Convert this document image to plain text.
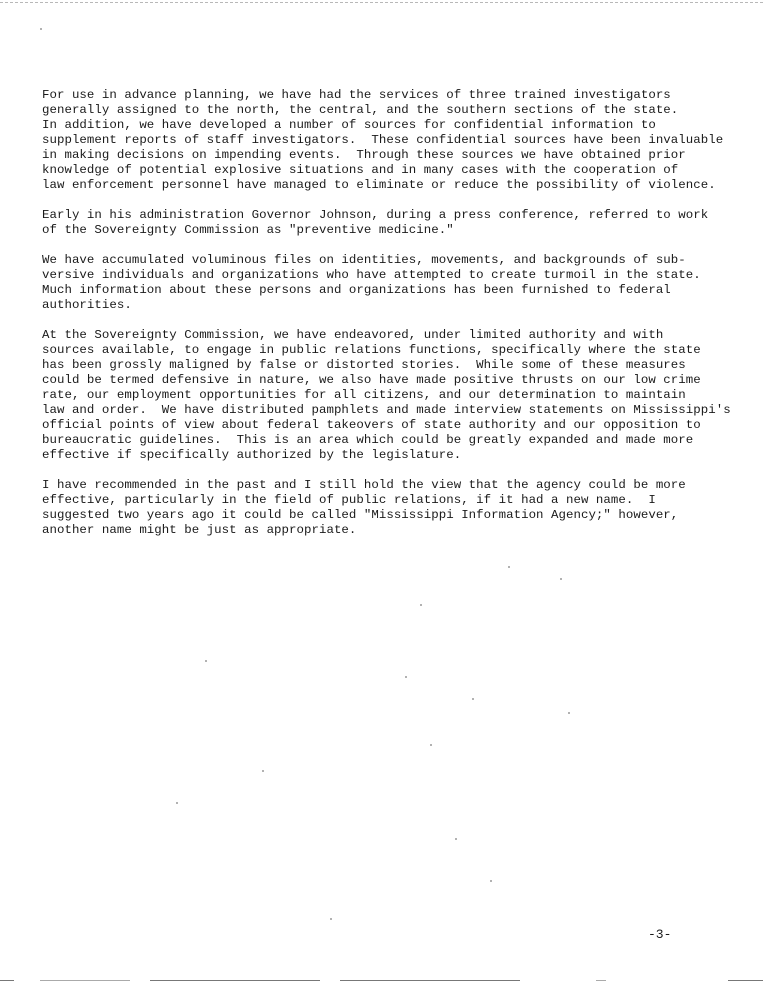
For use in advance planning, we have had the services of three trained investigators
generally assigned to the north, the central, and the southern sections of the state.
In addition, we have developed a number of sources for confidential information to
supplement reports of staff investigators.  These confidential sources have been invaluable
in making decisions on impending events.  Through these sources we have obtained prior
knowledge of potential explosive situations and in many cases with the cooperation of
law enforcement personnel have managed to eliminate or reduce the possibility of violence.
Early in his administration Governor Johnson, during a press conference, referred to work
of the Sovereignty Commission as "preventive medicine."
We have accumulated voluminous files on identities, movements, and backgrounds of sub-
versive individuals and organizations who have attempted to create turmoil in the state.
Much information about these persons and organizations has been furnished to federal
authorities.
At the Sovereignty Commission, we have endeavored, under limited authority and with
sources available, to engage in public relations functions, specifically where the state
has been grossly maligned by false or distorted stories.  While some of these measures
could be termed defensive in nature, we also have made positive thrusts on our low crime
rate, our employment opportunities for all citizens, and our determination to maintain
law and order.  We have distributed pamphlets and made interview statements on Mississippi's
official points of view about federal takeovers of state authority and our opposition to
bureaucratic guidelines.  This is an area which could be greatly expanded and made more
effective if specifically authorized by the legislature.
I have recommended in the past and I still hold the view that the agency could be more
effective, particularly in the field of public relations, if it had a new name.  I
suggested two years ago it could be called "Mississippi Information Agency;" however,
another name might be just as appropriate.
-3-
